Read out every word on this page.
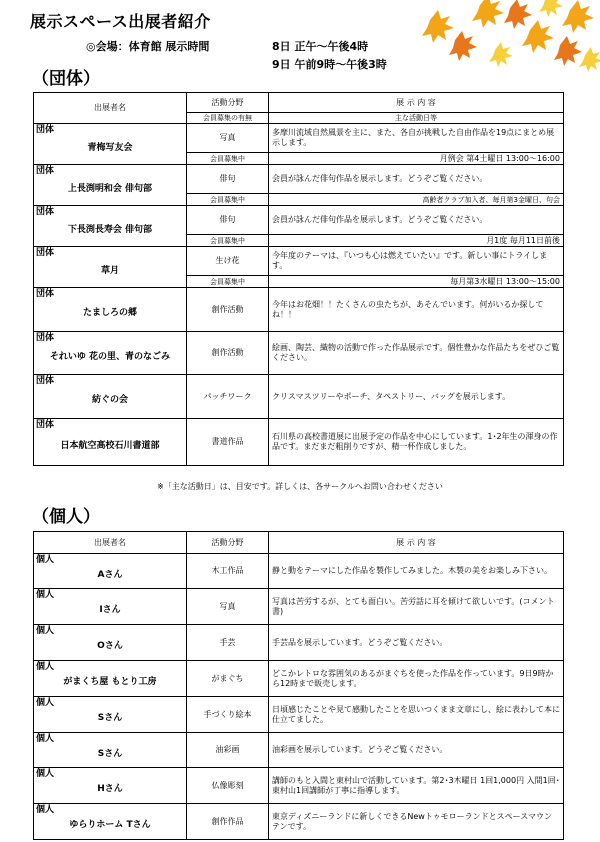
展示スペース出展者紹介
◎会場：体育館 展示時間	8日 正午～午後4時
9日 午前9時～午後3時
（団体）
出展者名	活動分野	展 示 内 容
	会員募集の有無	主な活動日等

団体
青梅写友会	写真	多摩川流域自然風景を主に、また、各自が挑戦した自由作品を19点にまとめ展示します。
	会員募集中	月例会 第4土曜日 13:00～16:00

団体
上長渕明和会 俳句部	俳句	会員が詠んだ俳句作品を展示します。どうぞご覧ください。
	会員募集中	高齢者クラブ加入者、毎月第3金曜日、句会

団体
下長渕長寿会 俳句部	俳句	会員が詠んだ俳句作品を展示します。どうぞご覧ください。
	会員募集中	月1度 毎月11日前後

団体
草月	生け花	今年度のテーマは、『いつも心は燃えていたい』です。新しい事にトライします。
	会員募集中	毎月第3水曜日 13:00～15:00

団体
たましろの郷	創作活動	今年はお花畑！！たくさんの虫たちが、あそんでいます。何がいるか探してね！！

団体
それいゆ 花の里、青のなごみ	創作活動	絵画、陶芸、織物の活動で作った作品展示です。個性豊かな作品たちをぜひご覧ください。

団体
紡ぐの会	パッチワーク	クリスマスツリーやポーチ、タペストリー、バッグを展示します。

団体
日本航空高校石川書道部	書道作品	石川県の高校書道展に出展予定の作品を中心にしています。1･2年生の渾身の作品です。まだまだ粗削りですが、精一杯作成しました。
※「主な活動日」は、目安です。詳しくは、各サークルへお問い合わせください
（個人）
出展者名	活動分野	展 示 内 容

個人
Aさん	木工作品	静と動をテーマにした作品を製作してみました。木製の美をお楽しみ下さい。

個人
Iさん	写真	写真は苦労するが、とても面白い。苦労話に耳を傾けて欲しいです。(コメント書)

個人
Oさん	手芸	手芸品を展示しています。どうぞご覧ください。

個人
がまくち屋 もとり工房	がまぐち	どこかレトロな雰囲気のあるがまぐちを使った作品を作っています。9日9時から12時まで販売します。

個人
Sさん	手づくり絵本	日頃感じたことや見て感動したことを思いつくまま文章にし、絵に表わして本に仕立てました。

個人
Sさん	油彩画	油彩画を展示しています。どうぞご覧ください。

個人
Hさん	仏像彫刻	講師のもと入間と東村山で活動しています。第2･3木曜日 1回1,000円 入間1回･東村山1回講師が丁寧に指導します。

個人
ゆらりホーム Tさん	創作作品	東京ディズニーランドに新しくできるNewトゥモローランドとスペースマウンテンです。
